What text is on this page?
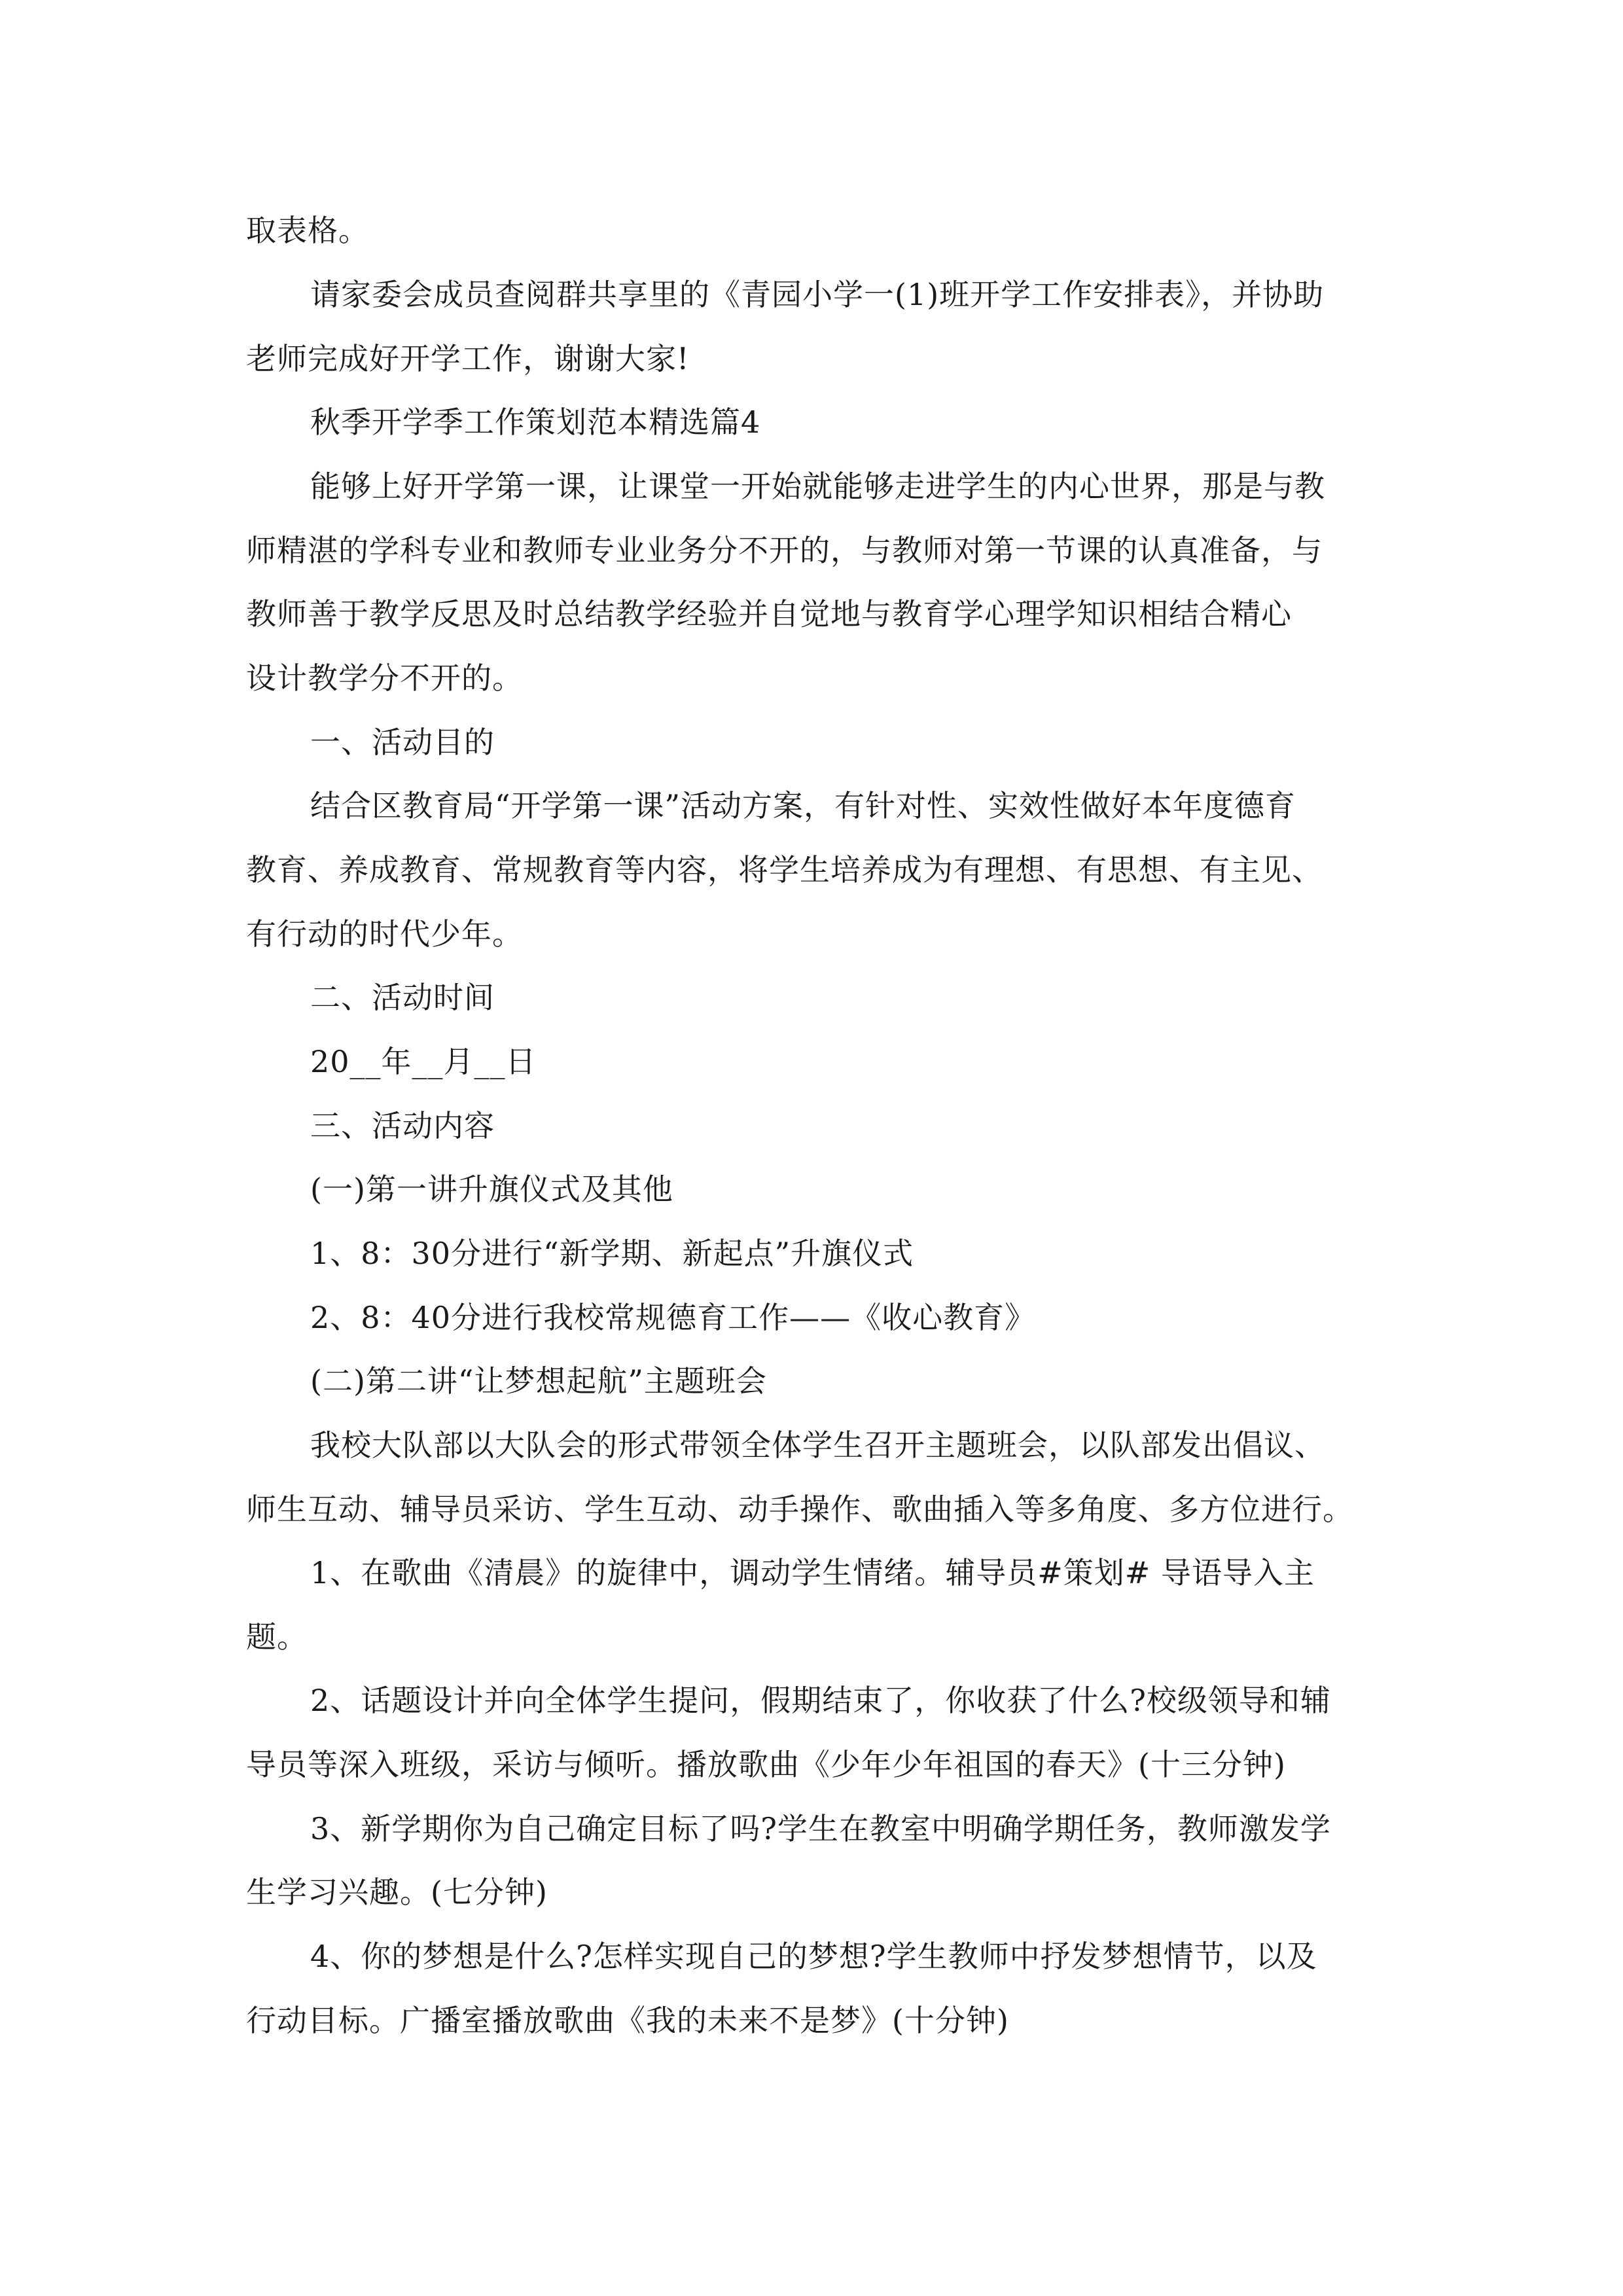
取表格。

请家委会成员查阅群共享里的《青园小学一(1)班开学工作安排表》，并协助

老师完成好开学工作，谢谢大家!

秋季开学季工作策划范本精选篇4

能够上好开学第一课，让课堂一开始就能够走进学生的内心世界，那是与教

师精湛的学科专业和教师专业业务分不开的，与教师对第一节课的认真准备，与

教师善于教学反思及时总结教学经验并自觉地与教育学心理学知识相结合精心

设计教学分不开的。

一、活动目的

结合区教育局“开学第一课”活动方案，有针对性、实效性做好本年度德育

教育、养成教育、常规教育等内容，将学生培养成为有理想、有思想、有主见、

有行动的时代少年。

二、活动时间

20__年__月__日

三、活动内容

(一)第一讲升旗仪式及其他

1、8：30分进行“新学期、新起点”升旗仪式

2、8：40分进行我校常规德育工作——《收心教育》

(二)第二讲“让梦想起航”主题班会

我校大队部以大队会的形式带领全体学生召开主题班会，以队部发出倡议、

师生互动、辅导员采访、学生互动、动手操作、歌曲插入等多角度、多方位进行。

1、在歌曲《清晨》的旋律中，调动学生情绪。辅导员#策划# 导语导入主

题。

2、话题设计并向全体学生提问，假期结束了，你收获了什么?校级领导和辅

导员等深入班级，采访与倾听。播放歌曲《少年少年祖国的春天》(十三分钟)

3、新学期你为自己确定目标了吗?学生在教室中明确学期任务，教师激发学

生学习兴趣。(七分钟)

4、你的梦想是什么?怎样实现自己的梦想?学生教师中抒发梦想情节，以及

行动目标。广播室播放歌曲《我的未来不是梦》(十分钟)
